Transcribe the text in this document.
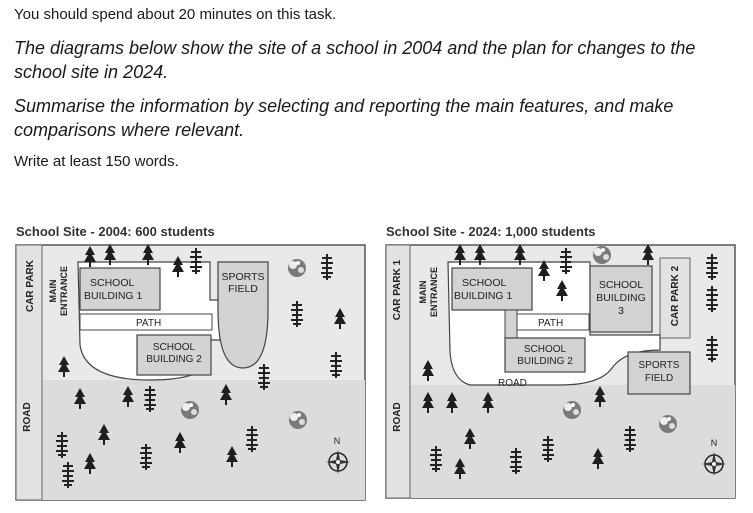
You should spend about 20 minutes on this task.

The diagrams below show the site of a school in 2004 and the plan for changes to the
school site in 2024.
Summarise the information by selecting and reporting the main features, and make
comparisons where relevant.

Write at least 150 words.

School Site - 2004: 600 students	School Site - 2024: 1,000 students
CAR PARK MAIN ENTRANCE SCHOOL
BUILDING 1
SPORTS
FIELD
PATH
SCHOOL
BUILDING 2
ROAD
N
CAR PARK 1 MAIN ENTRANCE SCHOOL
BUILDING 1
SCHOOL
BUILDING
3	CAR PARK 2
PATH
SCHOOL
BUILDING 2
ROAD
SPORTS
FIELD
ROAD
N
